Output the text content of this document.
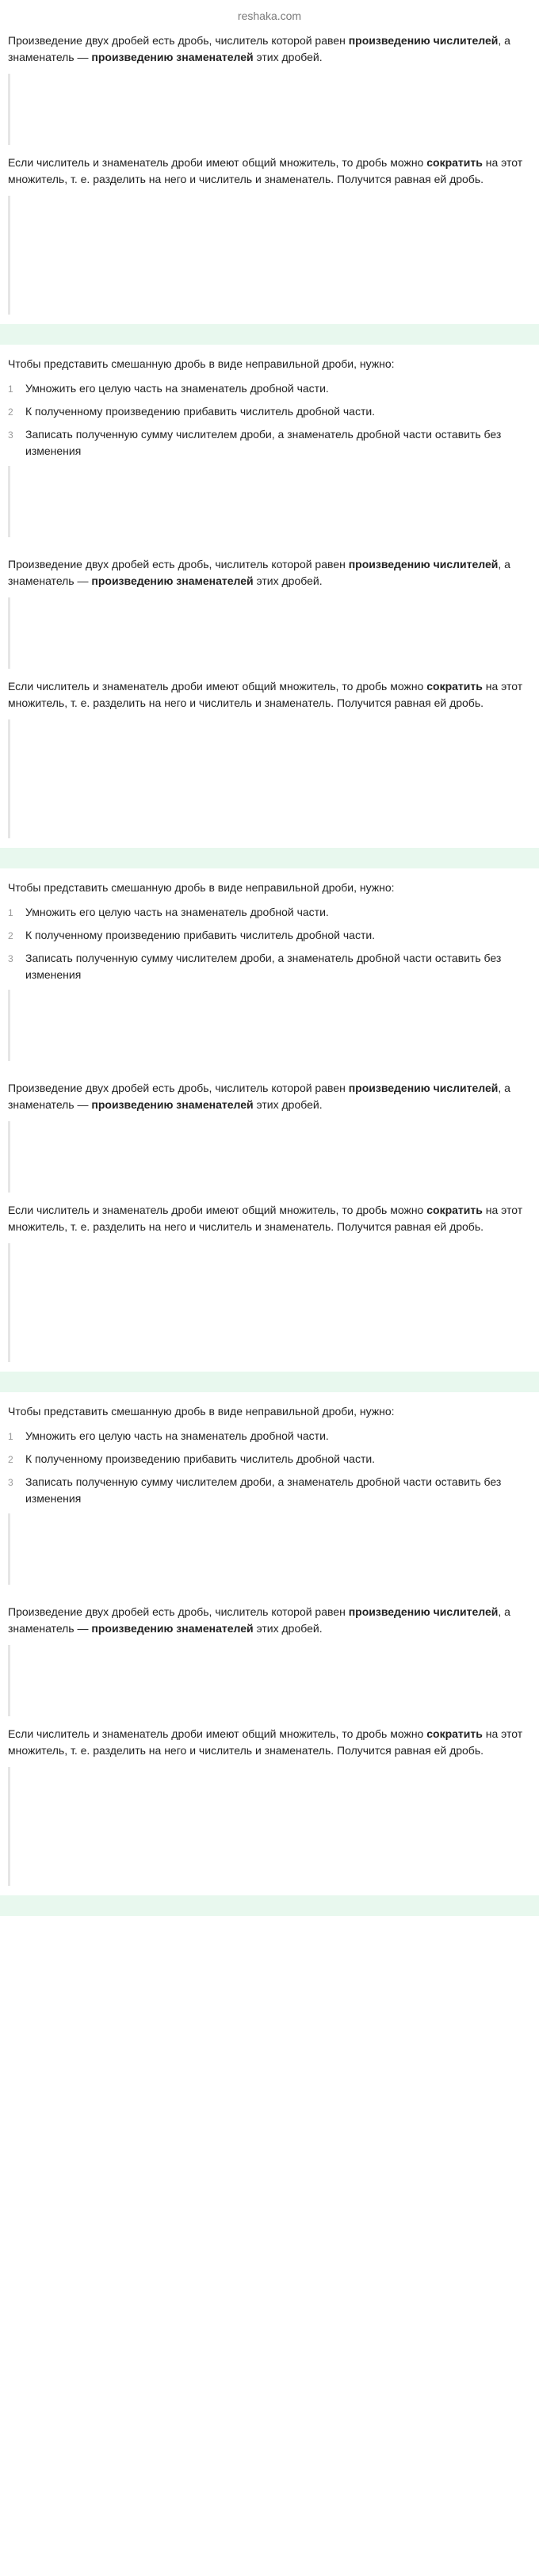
reshaka.com

Произведение двух дробей есть дробь, числитель которой равен произведению числителей, а знаменатель — произведению знаменателей этих дробей.

Если числитель и знаменатель дроби имеют общий множитель, то дробь можно сократить на этот множитель, т. е. разделить на него и числитель и знаменатель. Получится равная ей дробь.

Чтобы представить смешанную дробь в виде неправильной дроби, нужно:

1	Умножить его целую часть на знаменатель дробной части.
2	К полученному произведению прибавить числитель дробной части.
3	Записать полученную сумму числителем дроби, а знаменатель дробной части оставить без изменения

Произведение двух дробей есть дробь, числитель которой равен произведению числителей, а знаменатель — произведению знаменателей этих дробей.

Если числитель и знаменатель дроби имеют общий множитель, то дробь можно сократить на этот множитель, т. е. разделить на него и числитель и знаменатель. Получится равная ей дробь.

Чтобы представить смешанную дробь в виде неправильной дроби, нужно:

1	Умножить его целую часть на знаменатель дробной части.
2	К полученному произведению прибавить числитель дробной части.
3	Записать полученную сумму числителем дроби, а знаменатель дробной части оставить без изменения

Произведение двух дробей есть дробь, числитель которой равен произведению числителей, а знаменатель — произведению знаменателей этих дробей.

Если числитель и знаменатель дроби имеют общий множитель, то дробь можно сократить на этот множитель, т. е. разделить на него и числитель и знаменатель. Получится равная ей дробь.

Чтобы представить смешанную дробь в виде неправильной дроби, нужно:

1	Умножить его целую часть на знаменатель дробной части.
2	К полученному произведению прибавить числитель дробной части.
3	Записать полученную сумму числителем дроби, а знаменатель дробной части оставить без изменения

Произведение двух дробей есть дробь, числитель которой равен произведению числителей, а знаменатель — произведению знаменателей этих дробей.

Если числитель и знаменатель дроби имеют общий множитель, то дробь можно сократить на этот множитель, т. е. разделить на него и числитель и знаменатель. Получится равная ей дробь.
